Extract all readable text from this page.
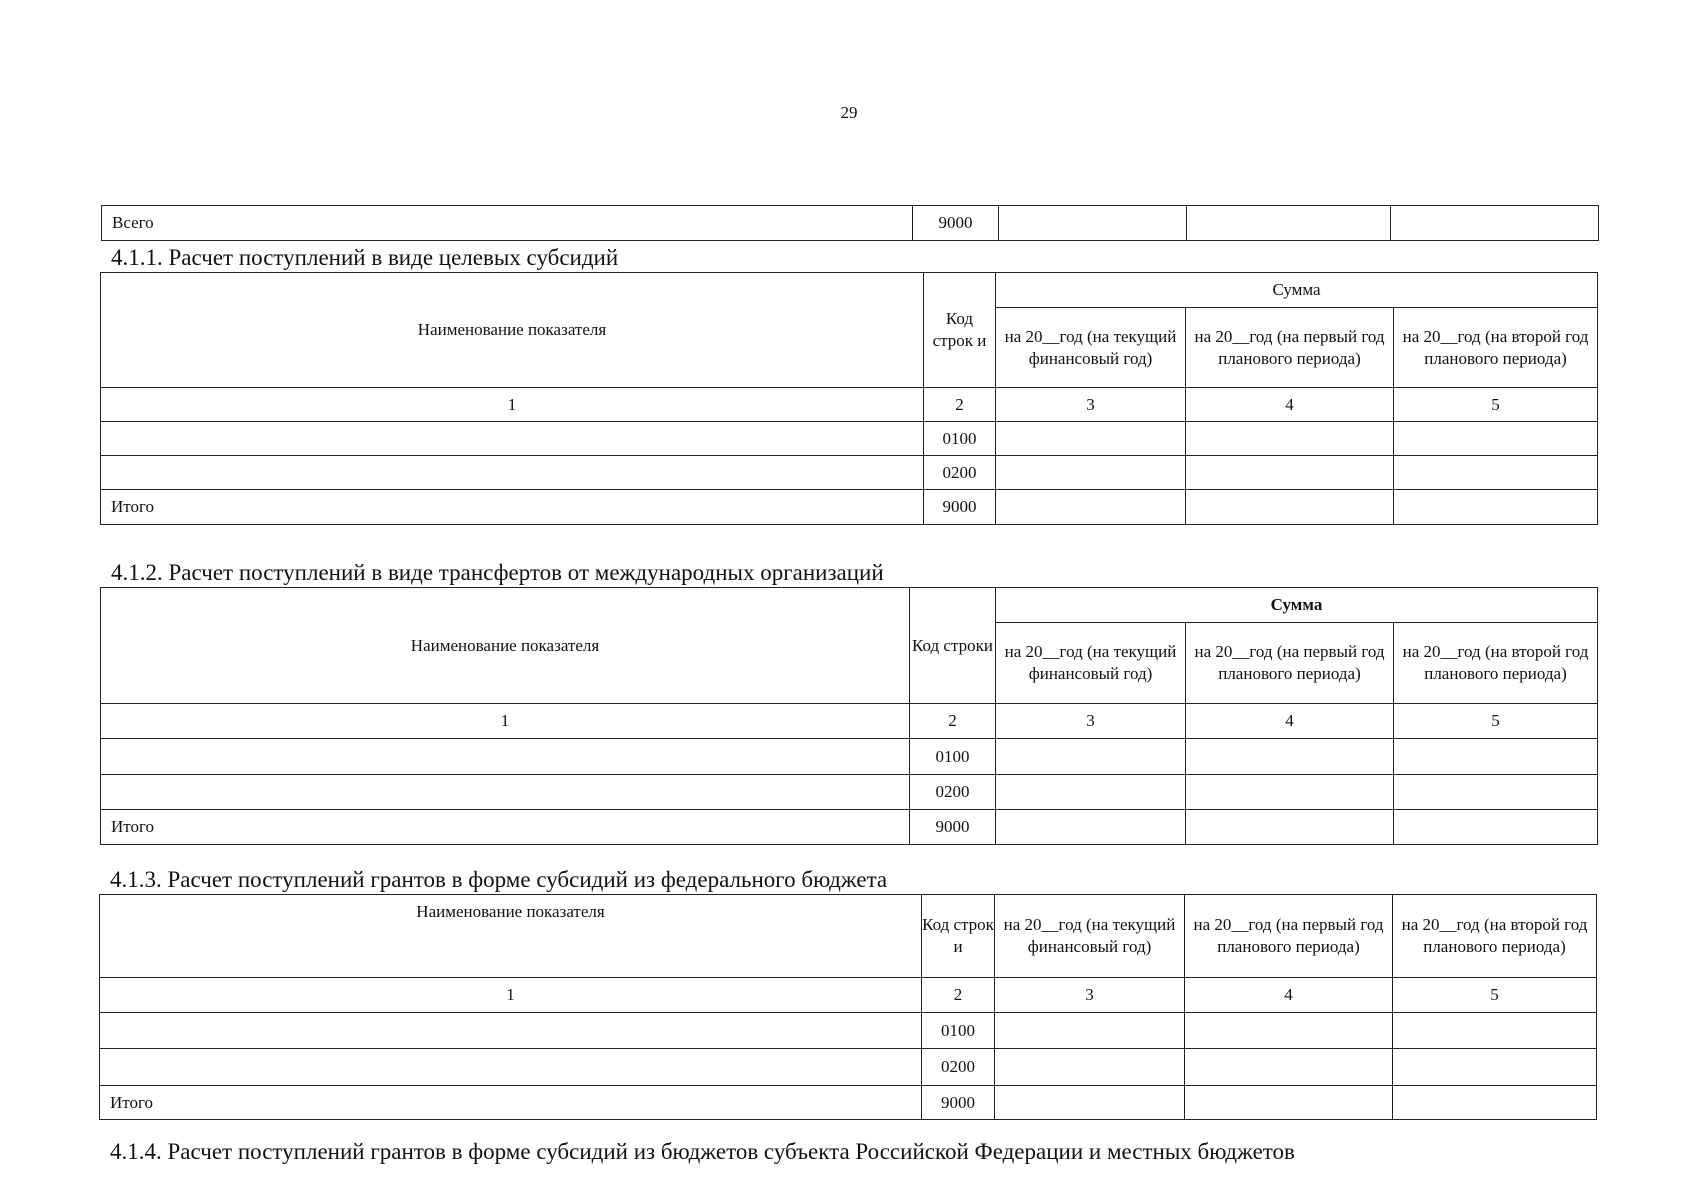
29
Всего	9000			
4.1.1. Расчет поступлений в виде целевых субсидий
Наименование показателя	Код строк и	Сумма		
		на 20__год (на текущий финансовый год)	на 20__год (на первый год планового периода)	на 20__год (на второй год планового периода)
1	2	3	4	5
	0100			
	0200			
Итого	9000			
4.1.2. Расчет поступлений в виде трансфертов от международных организаций
Наименование показателя	Код строки	Сумма		
		на 20__год (на текущий финансовый год)	на 20__год (на первый год планового периода)	на 20__год (на второй год планового периода)
1	2	3	4	5
	0100			
	0200			
Итого	9000			
4.1.3. Расчет поступлений грантов в форме субсидий из федерального бюджета
Наименование показателя	Код строк и	на 20__год (на текущий финансовый год)	на 20__год (на первый год планового периода)	на 20__год (на второй год планового периода)
1	2	3	4	5
	0100			
	0200			
Итого	9000			
4.1.4. Расчет поступлений грантов в форме субсидий из бюджетов субъекта Российской Федерации и местных бюджетов
